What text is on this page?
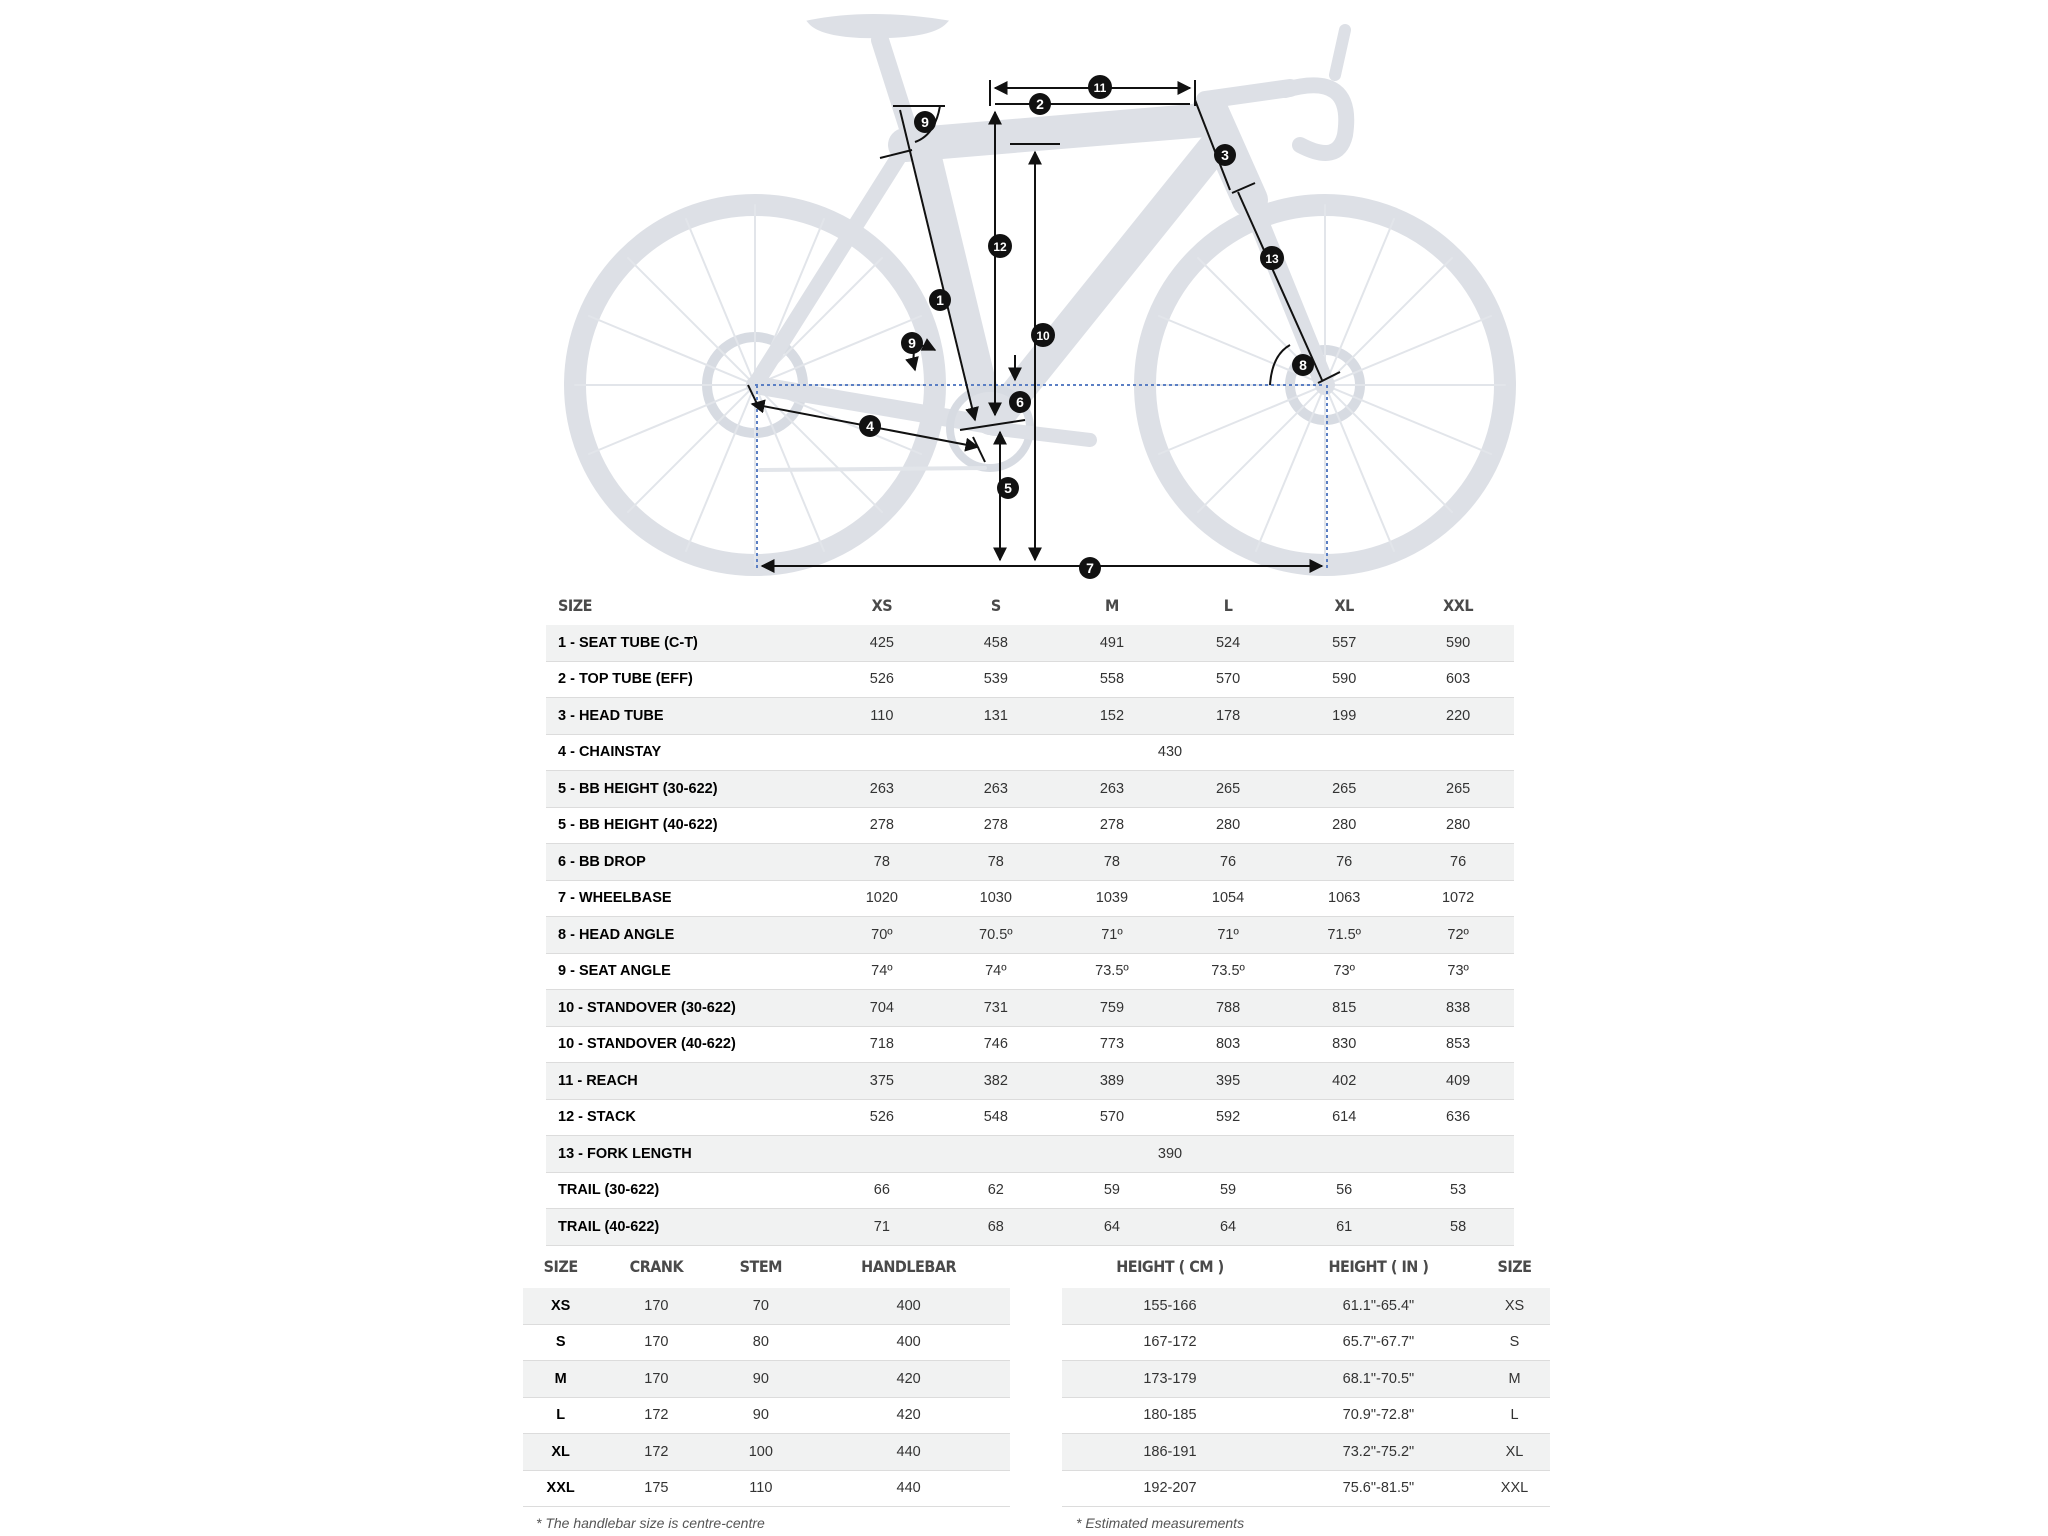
1
2
3
4
5
6
7
8
9
9	10
11
12
13
SIZE	XS	S	M	L	XL	XXL
1 - SEAT TUBE (C-T)	425	458	491	524	557	590
2 - TOP TUBE (EFF)	526	539	558	570	590	603
3 - HEAD TUBE	110	131	152	178	199	220
4 - CHAINSTAY	430					
5 - BB HEIGHT (30-622)	263	263	263	265	265	265
5 - BB HEIGHT (40-622)	278	278	278	280	280	280
6 - BB DROP	78	78	78	76	76	76
7 - WHEELBASE	1020	1030	1039	1054	1063	1072
8 - HEAD ANGLE	70º	70.5º	71º	71º	71.5º	72º
9 - SEAT ANGLE	74º	74º	73.5º	73.5º	73º	73º
10 - STANDOVER (30-622)	704	731	759	788	815	838
10 - STANDOVER (40-622)	718	746	773	803	830	853
11 - REACH	375	382	389	395	402	409
12 - STACK	526	548	570	592	614	636
13 - FORK LENGTH	390					
TRAIL (30-622)	66	62	59	59	56	53
TRAIL (40-622)	71	68	64	64	61	58
SIZE	CRANK	STEM	HANDLEBAR
XS	170	70	400
S	170	80	400
M	170	90	420
L	172	90	420
XL	172	100	440
XXL	175	110	440
* The handlebar size is centre-centre
HEIGHT ( CM )	HEIGHT ( IN )	SIZE
155-166	61.1"-65.4"	XS
167-172	65.7"-67.7"	S
173-179	68.1"-70.5"	M
180-185	70.9"-72.8"	L
186-191	73.2"-75.2"	XL
192-207	75.6"-81.5"	XXL
* Estimated measurements
